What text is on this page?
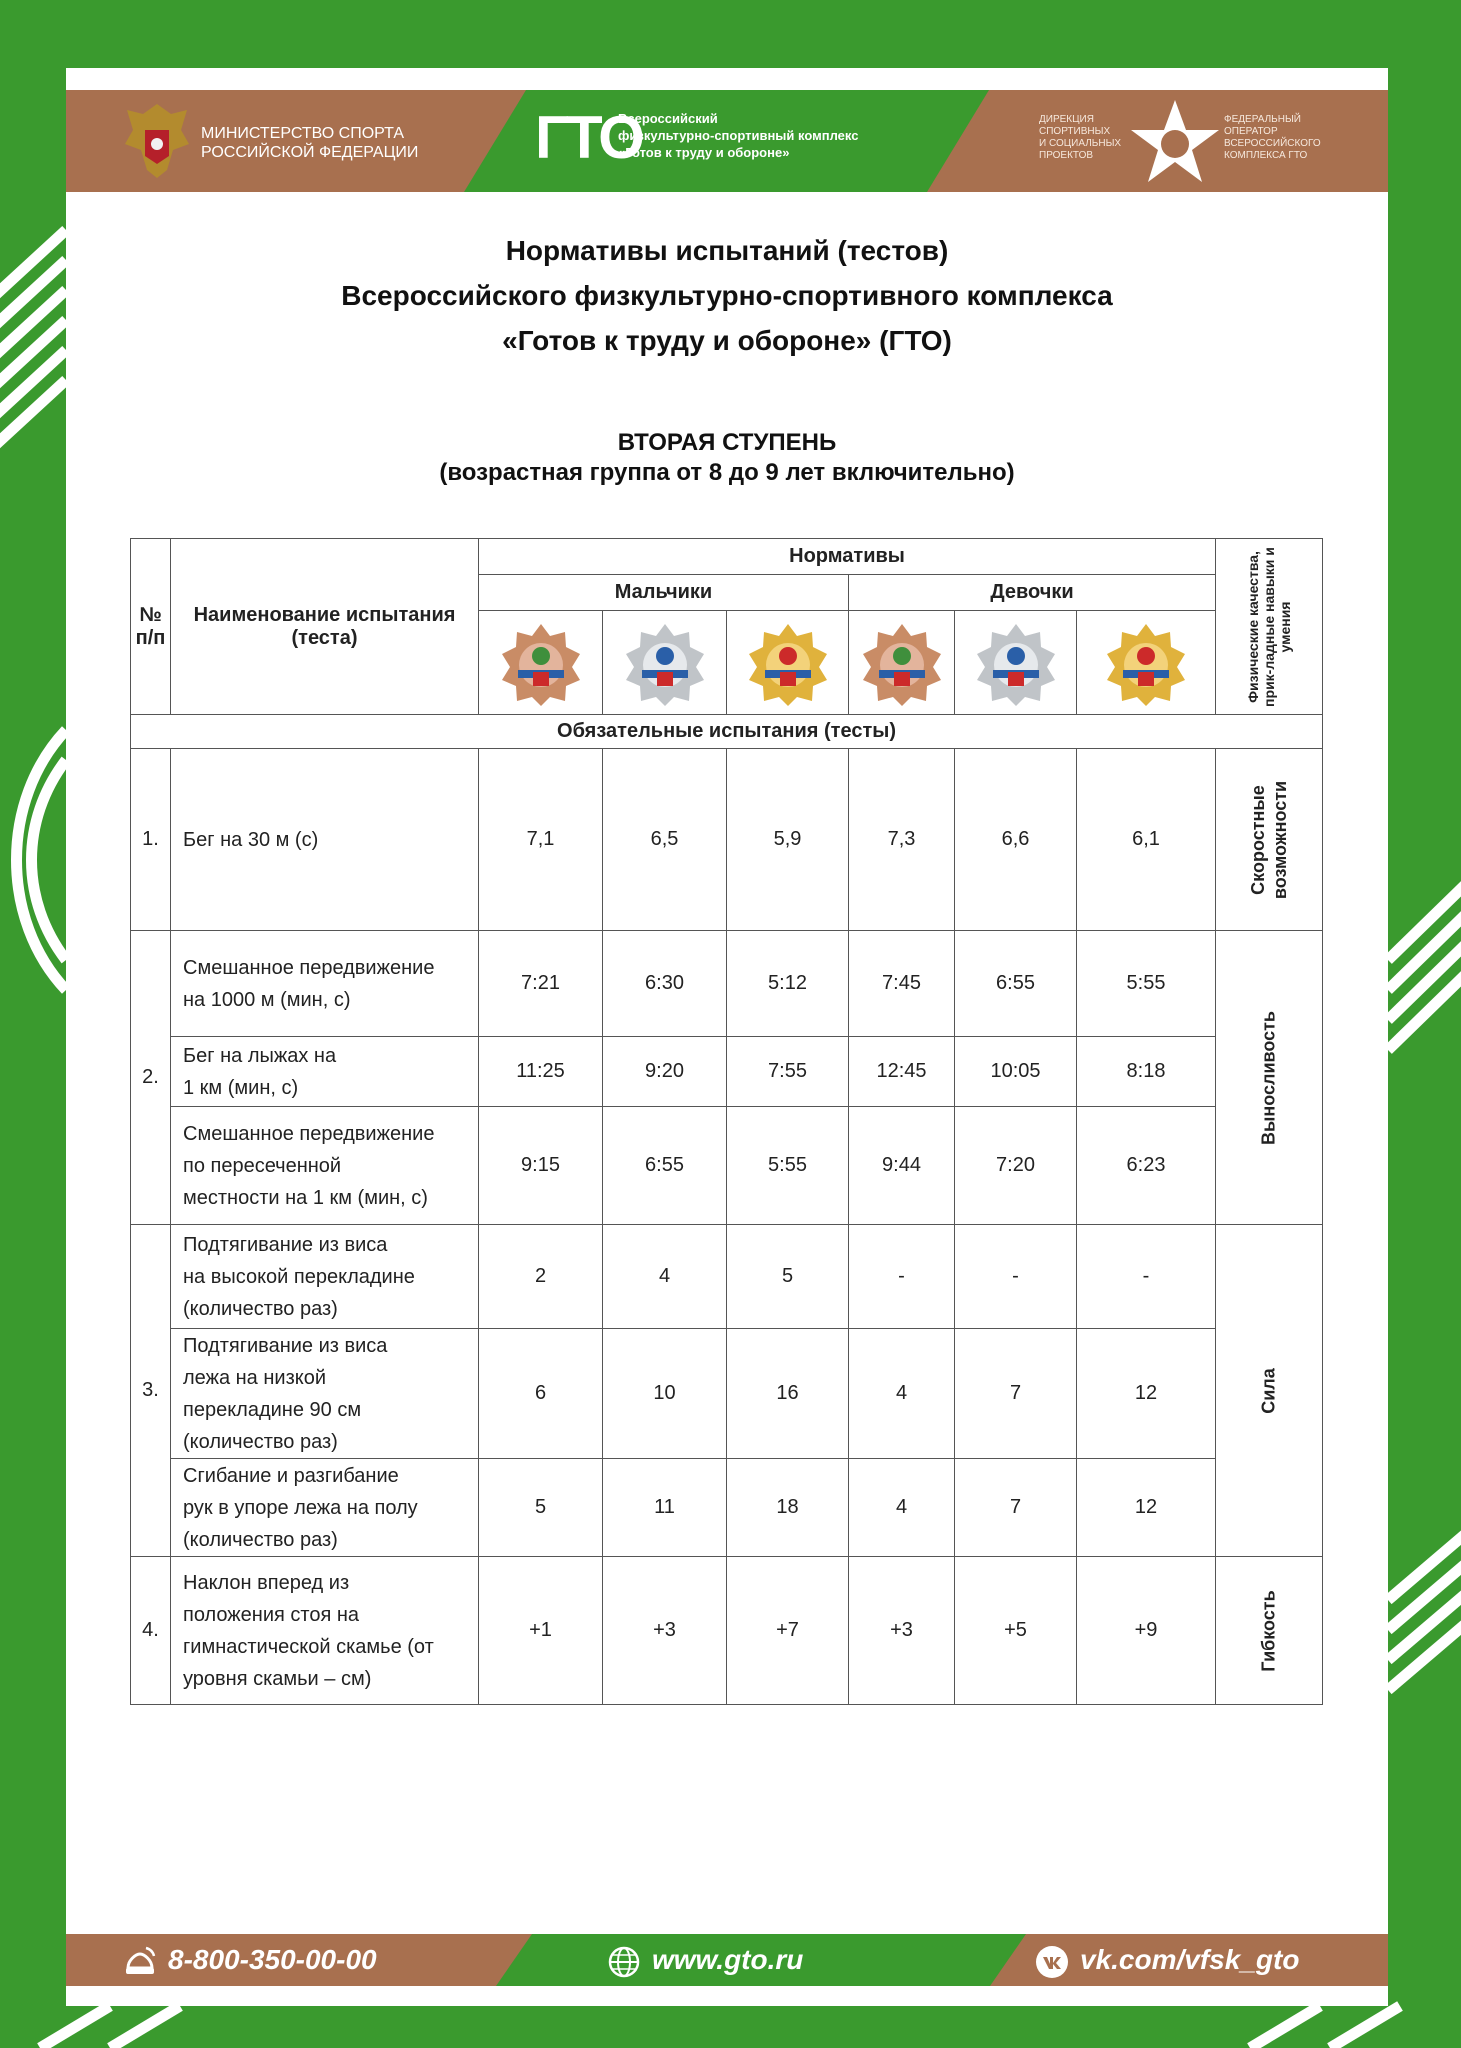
МИНИСТЕРСТВО СПОРТА
РОССИЙСКОЙ ФЕДЕРАЦИИ	ГТО
Всероссийский
физкультурно-спортивный комплекс
«Готов к труду и обороне»
ДИРЕКЦИЯ
СПОРТИВНЫХ
И СОЦИАЛЬНЫХ
ПРОЕКТОВ
ФЕДЕРАЛЬНЫЙ
ОПЕРАТОР
ВСЕРОССИЙСКОГО
КОМПЛЕКСА ГТО
Нормативы испытаний (тестов)
Всероссийского физкультурно-спортивного комплекса
«Готов к труду и обороне» (ГТО)
ВТОРАЯ СТУПЕНЬ
(возрастная группа от 8 до 9 лет включительно)
№
п/п	Наименование испытания
(теста)	Нормативы						Физические качества, прик-ладные навыки и умения

		Мальчики			Девочки			

Обязательные испытания (тесты)								
1.	Бег на 30 м (с)	7,1	6,5	5,9	7,3	6,6	6,1	Скоростные
возможности

2.	Смешанное передвижение
на 1000 м (мин, с)	7:21	6:30	5:12	7:45	6:55	5:55	Выносливость

	Бег на лыжах на
1 км (мин, с)	11:25	9:20	7:55	12:45	10:05	8:18	
	Смешанное передвижение
по пересеченной
местности на 1 км (мин, с)	9:15	6:55	5:55	9:44	7:20	6:23	
3.	Подтягивание из виса
на высокой перекладине
(количество раз)	2	4	5	-	-	-	Сила

	Подтягивание из виса
лежа на низкой
перекладине 90 см
(количество раз)	6	10	16	4	7	12	
	Сгибание и разгибание
рук в упоре лежа на полу
(количество раз)	5	11	18	4	7	12	
4.	Наклон вперед из
положения стоя на
гимнастической скамье (от
уровня скамьи – см)	+1	+3	+7	+3	+5	+9	Гибкость
8-800-350-00-00	www.gto.ru	vk.com/vfsk_gto
